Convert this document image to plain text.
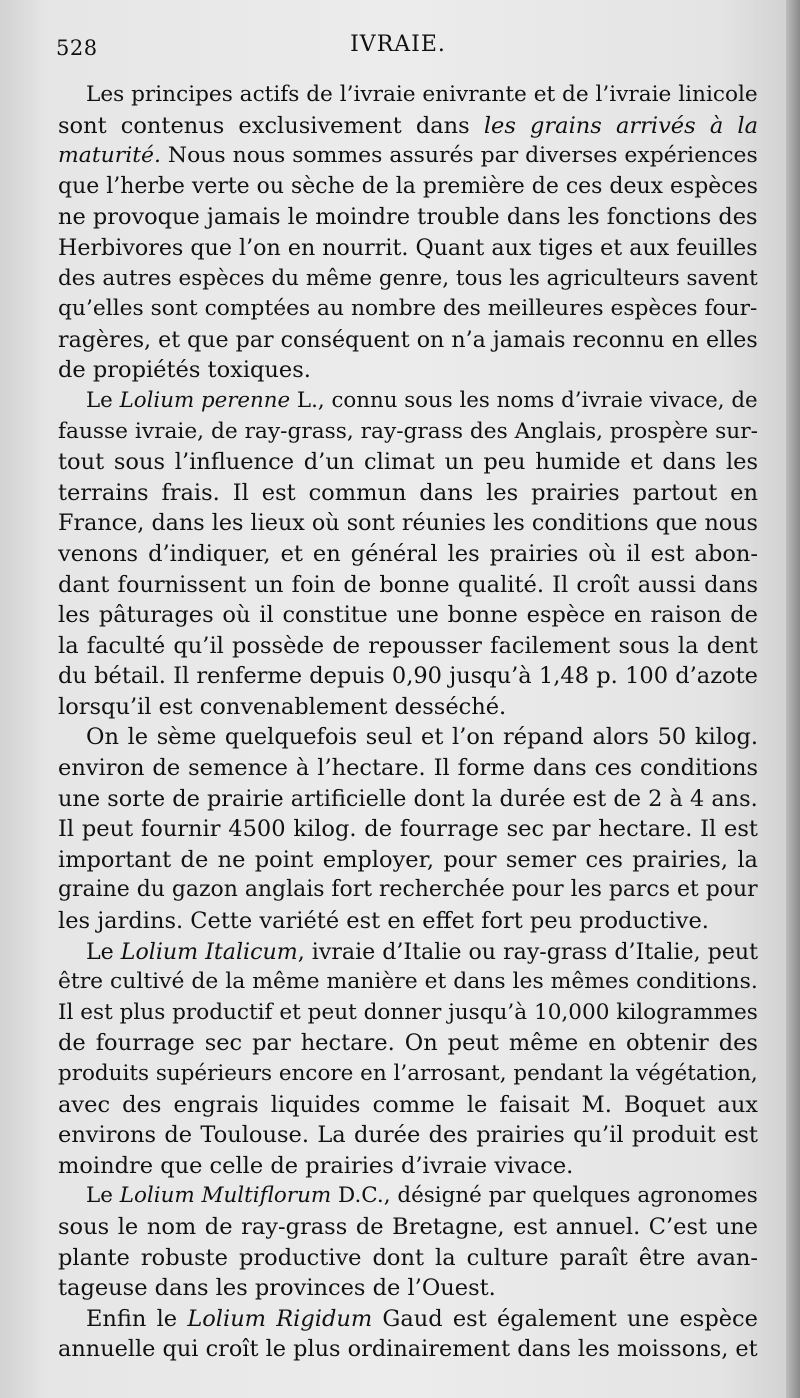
528	IVRAIE.
Les principes actifs de l’ivraie enivrante et de l’ivraie linicole
sont contenus exclusivement dans les grains arrivés à la
maturité. Nous nous sommes assurés par diverses expériences
que l’herbe verte ou sèche de la première de ces deux espèces
ne provoque jamais le moindre trouble dans les fonctions des
Herbivores que l’on en nourrit. Quant aux tiges et aux feuilles
des autres espèces du même genre, tous les agriculteurs savent
qu’elles sont comptées au nombre des meilleures espèces four-
ragères, et que par conséquent on n’a jamais reconnu en elles
de propiétés toxiques.
Le Lolium perenne L., connu sous les noms d’ivraie vivace, de
fausse ivraie, de ray-grass, ray-grass des Anglais, prospère sur-
tout sous l’influence d’un climat un peu humide et dans les
terrains frais. Il est commun dans les prairies partout en
France, dans les lieux où sont réunies les conditions que nous
venons d’indiquer, et en général les prairies où il est abon-
dant fournissent un foin de bonne qualité. Il croît aussi dans
les pâturages où il constitue une bonne espèce en raison de
la faculté qu’il possède de repousser facilement sous la dent
du bétail. Il renferme depuis 0,90 jusqu’à 1,48 p. 100 d’azote
lorsqu’il est convenablement desséché.
On le sème quelquefois seul et l’on répand alors 50 kilog.
environ de semence à l’hectare. Il forme dans ces conditions
une sorte de prairie artificielle dont la durée est de 2 à 4 ans.
Il peut fournir 4500 kilog. de fourrage sec par hectare. Il est
important de ne point employer, pour semer ces prairies, la
graine du gazon anglais fort recherchée pour les parcs et pour
les jardins. Cette variété est en effet fort peu productive.
Le Lolium Italicum , ivraie d’Italie ou ray-grass d’Italie, peut
être cultivé de la même manière et dans les mêmes conditions.
Il est plus productif et peut donner jusqu’à 10,000 kilogrammes
de fourrage sec par hectare. On peut même en obtenir des
produits supérieurs encore en l’arrosant, pendant la végétation,
avec des engrais liquides comme le faisait M. Boquet aux
environs de Toulouse. La durée des prairies qu’il produit est
moindre que celle de prairies d’ivraie vivace.
Le Lolium Multiflorum D.C., désigné par quelques agronomes
sous le nom de ray-grass de Bretagne, est annuel. C’est une
plante robuste productive dont la culture paraît être avan-
tageuse dans les provinces de l’Ouest.
Enfin le Lolium Rigidum Gaud est également une espèce
annuelle qui croît le plus ordinairement dans les moissons, et
